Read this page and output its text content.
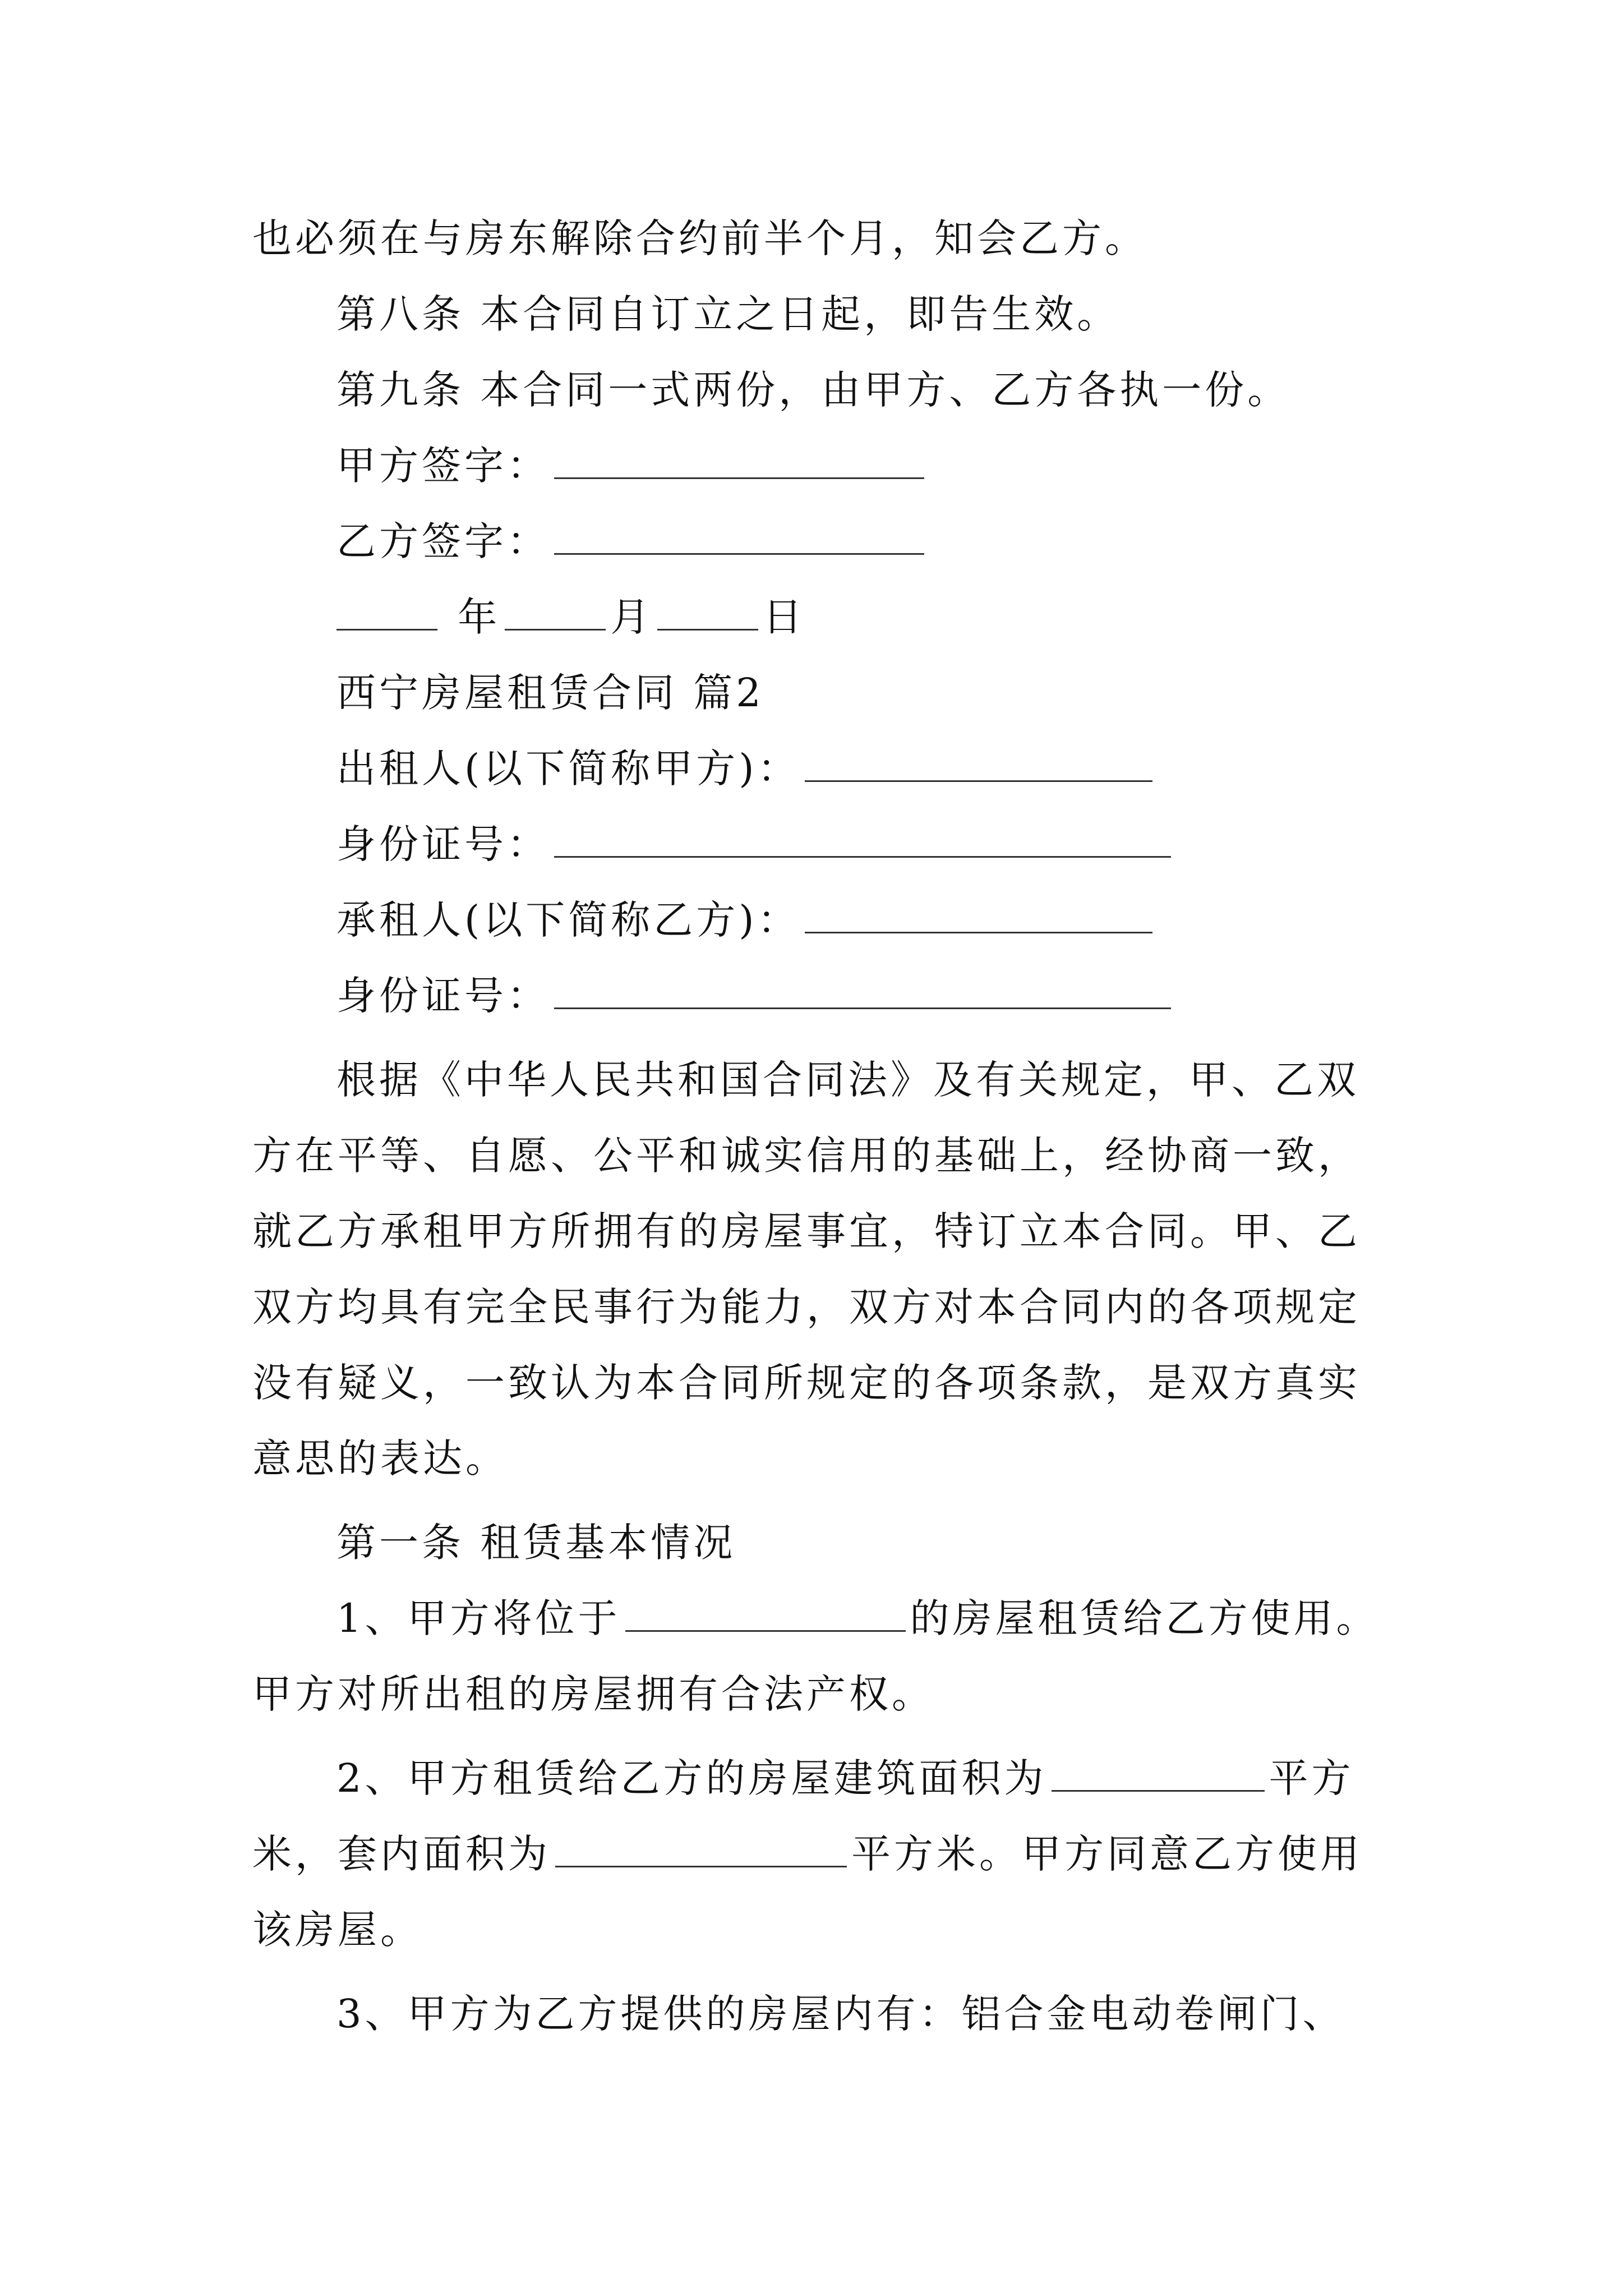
也必须在与房东解除合约前半个月，知会乙方。
第八条 本合同自订立之日起，即告生效。
第九条 本合同一式两份，由甲方、乙方各执一份。
甲方签字：
乙方签字：
年	月	日
西宁房屋租赁合同 篇2
出租人(以下简称甲方)：
身份证号：
承租人(以下简称乙方)：
身份证号：
根据《中华人民共和国合同法》及有关规定，甲、乙双
方在平等、自愿、公平和诚实信用的基础上，经协商一致，
就乙方承租甲方所拥有的房屋事宜，特订立本合同。甲、乙
双方均具有完全民事行为能力，双方对本合同内的各项规定
没有疑义，一致认为本合同所规定的各项条款，是双方真实
意思的表达。
第一条 租赁基本情况
1、甲方将位于	的房屋租赁给乙方使用。
甲方对所出租的房屋拥有合法产权。
2、甲方租赁给乙方的房屋建筑面积为	平方
米，套内面积为	平方米。甲方同意乙方使用
该房屋。
3、甲方为乙方提供的房屋内有：铝合金电动卷闸门、
